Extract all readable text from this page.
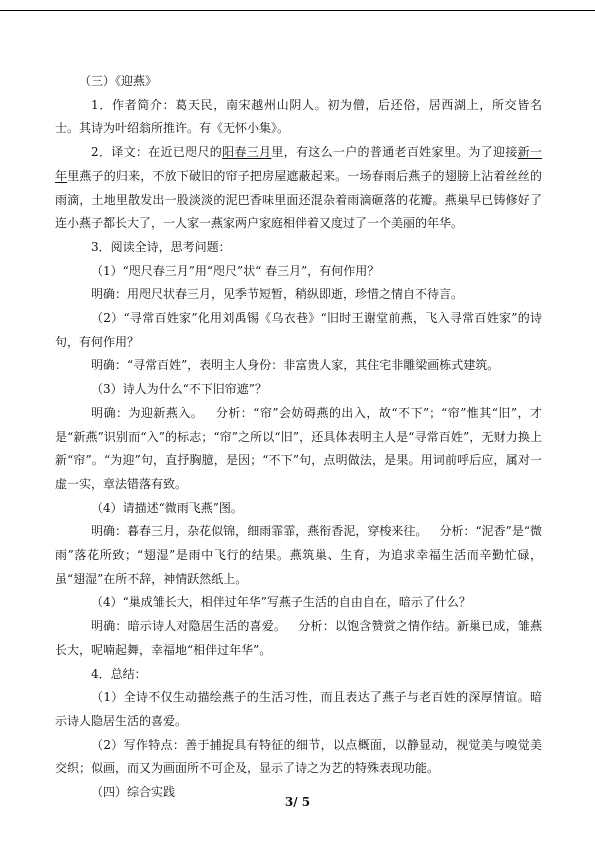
（三）《迎燕》

1．作者简介：葛天民，南宋越州山阴人。初为僧，后还俗，居西湖上，所交皆名士。其诗为叶绍翁所推许。有《无怀小集》。

2．译文：在近已咫尺的阳春三月里，有这么一户的普通老百姓家里。为了迎接新一年里燕子的归来，不放下破旧的帘子把房屋遮蔽起来。一场春雨后燕子的翅膀上沾着丝丝的雨滴，土地里散发出一股淡淡的泥巴香味里面还混杂着雨滴砸落的花瓣。燕巢早已铸修好了连小燕子都长大了，一人家一燕家两户家庭相伴着又度过了一个美丽的年华。

3．阅读全诗，思考问题：

（1）“咫尺春三月”用“咫尺”状“ 春三月”，有何作用？

明确：用咫尺状春三月，见季节短暂，稍纵即逝，珍惜之情自不待言。

（2）“寻常百姓家”化用刘禹锡《乌衣巷》“旧时王谢堂前燕，飞入寻常百姓家”的诗句，有何作用？

明确：“寻常百姓”，表明主人身份：非富贵人家，其住宅非雕梁画栋式建筑。

（3）诗人为什么“不下旧帘遮”？

明确：为迎新燕入。 分析：“帘”会妨碍燕的出入，故“不下”；“帘”惟其“旧”，才是“新燕”识别而“入”的标志；“帘”之所以“旧”，还具体表明主人是“寻常百姓”，无财力换上新“帘”。“为迎”句，直抒胸臆，是因；“不下”句，点明做法，是果。用词前呼后应，属对一虚一实，章法错落有致。

（4）请描述“微雨飞燕”图。

明确：暮春三月，杂花似锦，细雨霏霏，燕衔香泥，穿梭来往。 分析：“泥香”是“微雨”落花所致；“翅湿”是雨中飞行的结果。燕筑巢、生育，为追求幸福生活而辛勤忙碌，虽“翅湿”在所不辞，神情跃然纸上。

（4）“巢成雏长大，相伴过年华”写燕子生活的自由自在，暗示了什么？

明确：暗示诗人对隐居生活的喜爱。 分析：以饱含赞赏之情作结。新巢已成，雏燕长大，呢喃起舞，幸福地“相伴过年华”。

4．总结：

（1）全诗不仅生动描绘燕子的生活习性，而且表达了燕子与老百姓的深厚情谊。暗示诗人隐居生活的喜爱。

（2）写作特点：善于捕捉具有特征的细节，以点概面，以静显动，视觉美与嗅觉美交织；似画，而又为画面所不可企及，显示了诗之为艺的特殊表现功能。

（四）综合实践

3/ 5
